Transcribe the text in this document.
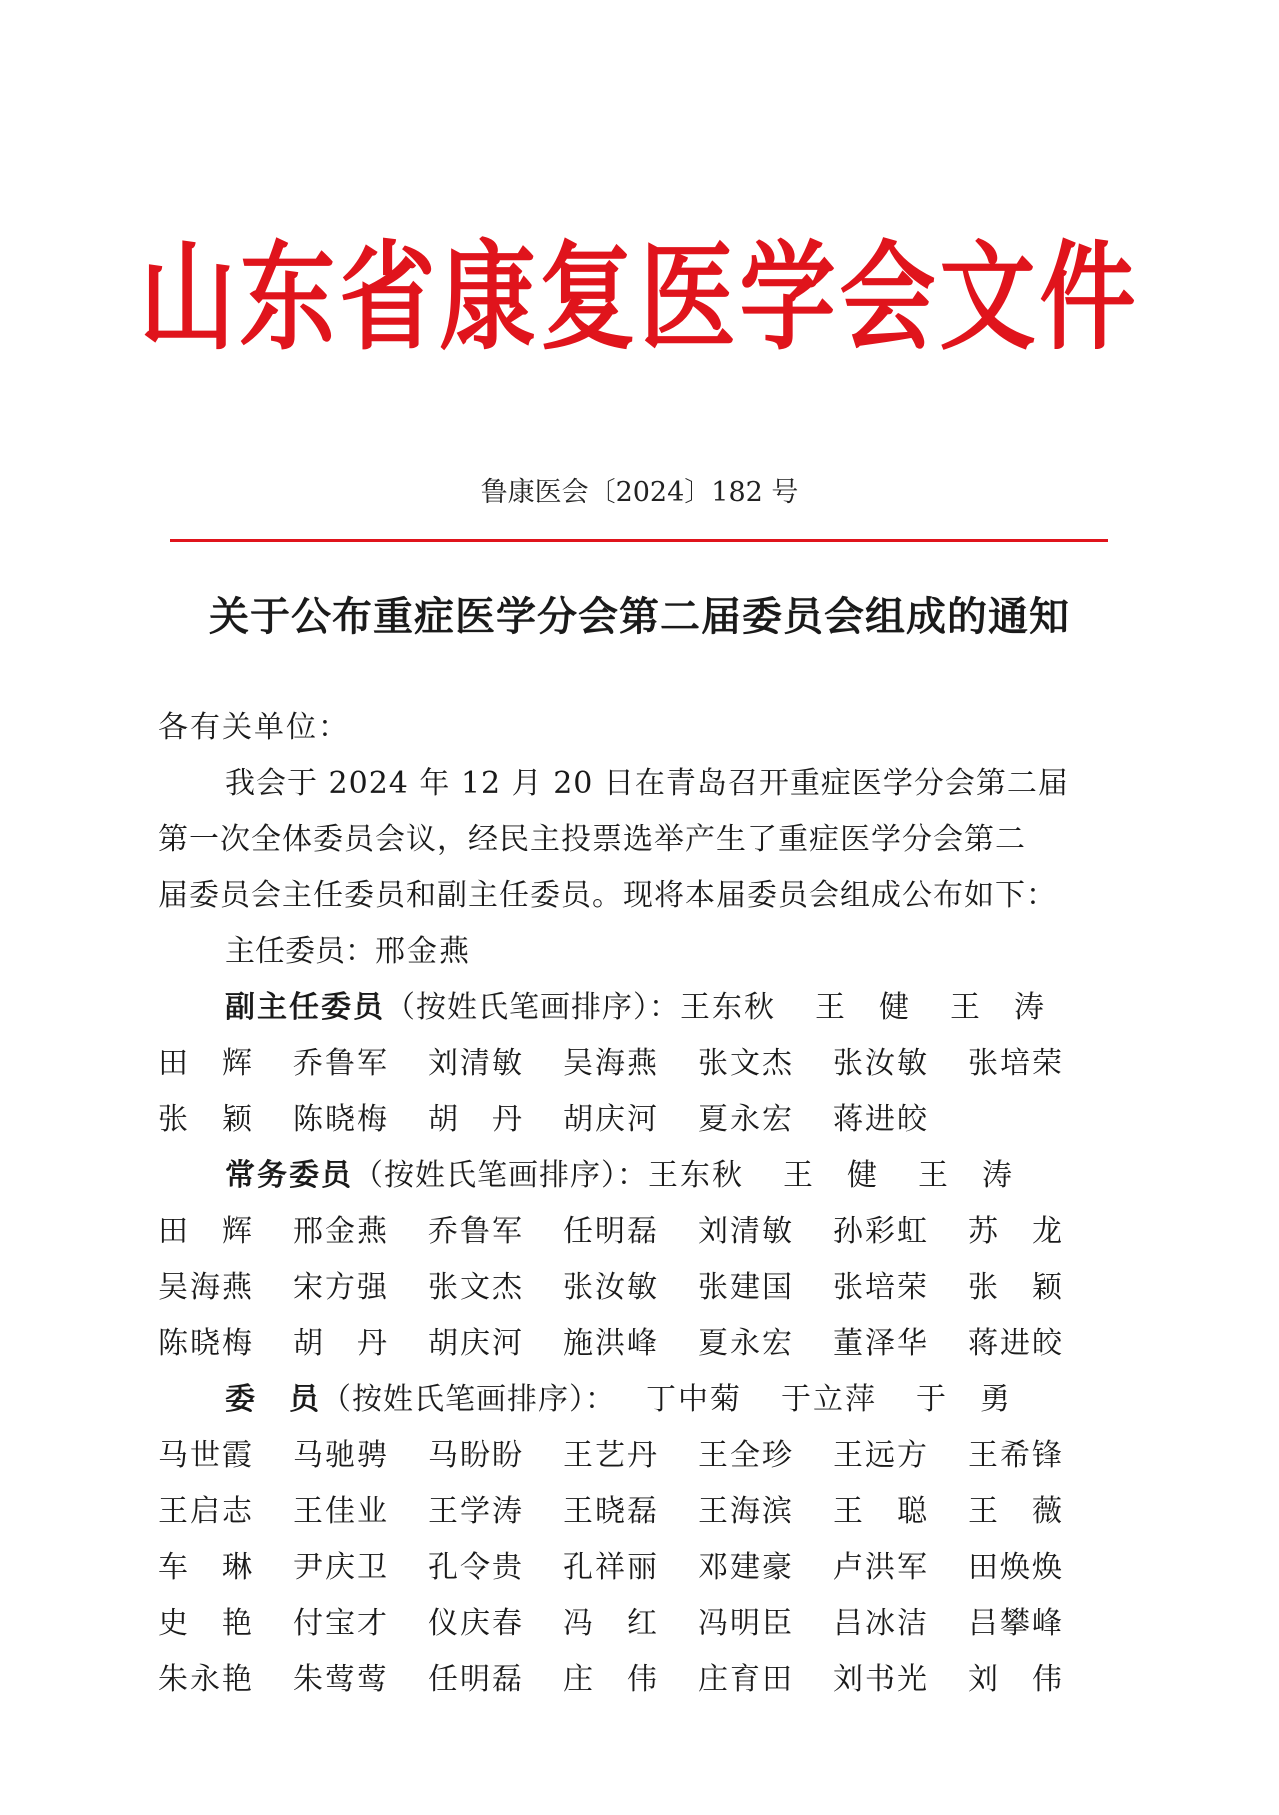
山东省康复医学会文件
鲁康医会〔2024〕182 号
关于公布重症医学分会第二届委员会组成的通知
各有关单位：
我会于 2024 年 12 月 20 日在青岛召开重症医学分会第二届
第一次全体委员会议，经民主投票选举产生了重症医学分会第二
届委员会主任委员和副主任委员。现将本届委员会组成公布如下：
主任委员：邢金燕
副主任委员 （按姓氏笔画排序）： 王东秋	王　健	王　涛
田　辉	乔鲁军	刘清敏	吴海燕	张文杰	张汝敏	张培荣
张　颖	陈晓梅	胡　丹	胡庆河	夏永宏	蒋进皎
常务委员 （按姓氏笔画排序）： 王东秋	王　健	王　涛
田　辉	邢金燕	乔鲁军	任明磊	刘清敏	孙彩虹	苏　龙
吴海燕	宋方强	张文杰	张汝敏	张建国	张培荣	张　颖
陈晓梅	胡　丹	胡庆河	施洪峰	夏永宏	董泽华	蒋进皎
委　员 （按姓氏笔画排序）： 丁中菊	于立萍	于　勇
马世霞	马驰骋	马盼盼	王艺丹	王全珍	王远方	王希锋
王启志	王佳业	王学涛	王晓磊	王海滨	王　聪	王　薇
车　琳	尹庆卫	孔令贵	孔祥丽	邓建豪	卢洪军	田焕焕
史　艳	付宝才	仪庆春	冯　红	冯明臣	吕冰洁	吕攀峰
朱永艳	朱莺莺	任明磊	庄　伟	庄育田	刘书光	刘　伟
